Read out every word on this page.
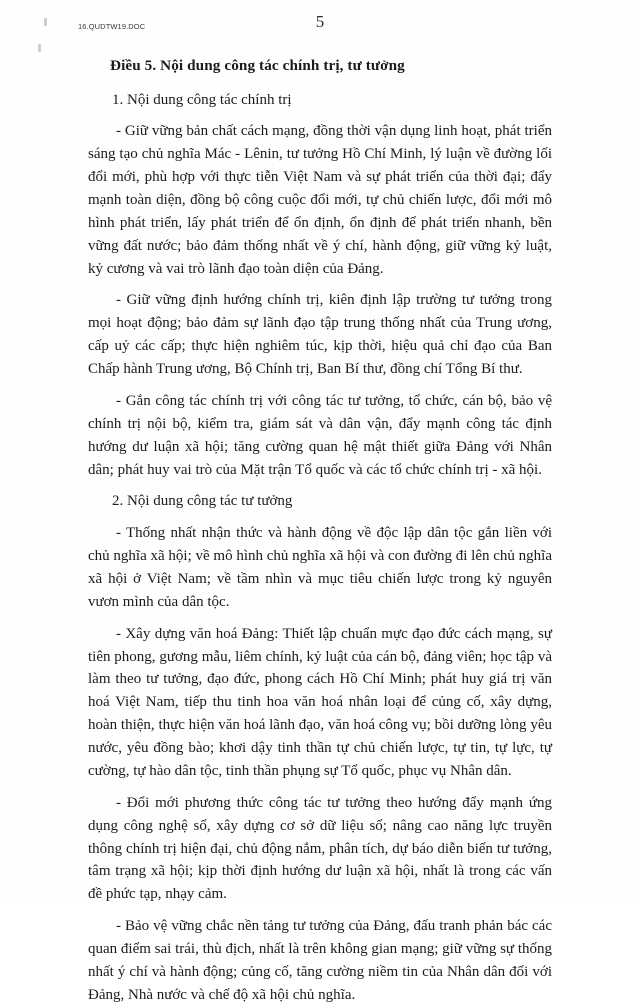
16.QUDTW19.DOC	5
Điều 5. Nội dung công tác chính trị, tư tưởng

1. Nội dung công tác chính trị

- Giữ vững bản chất cách mạng, đồng thời vận dụng linh hoạt, phát triển sáng tạo chủ nghĩa Mác - Lênin, tư tưởng Hồ Chí Minh, lý luận về đường lối đổi mới, phù hợp với thực tiễn Việt Nam và sự phát triển của thời đại; đẩy mạnh toàn diện, đồng bộ công cuộc đổi mới, tự chủ chiến lược, đổi mới mô hình phát triển, lấy phát triển để ổn định, ổn định để phát triển nhanh, bền vững đất nước; bảo đảm thống nhất về ý chí, hành động, giữ vững kỷ luật, kỷ cương và vai trò lãnh đạo toàn diện của Đảng.

- Giữ vững định hướng chính trị, kiên định lập trường tư tưởng trong mọi hoạt động; bảo đảm sự lãnh đạo tập trung thống nhất của Trung ương, cấp uỷ các cấp; thực hiện nghiêm túc, kịp thời, hiệu quả chỉ đạo của Ban Chấp hành Trung ương, Bộ Chính trị, Ban Bí thư, đồng chí Tổng Bí thư.

- Gắn công tác chính trị với công tác tư tưởng, tổ chức, cán bộ, bảo vệ chính trị nội bộ, kiểm tra, giám sát và dân vận, đẩy mạnh công tác định hướng dư luận xã hội; tăng cường quan hệ mật thiết giữa Đảng với Nhân dân; phát huy vai trò của Mặt trận Tổ quốc và các tổ chức chính trị - xã hội.

2. Nội dung công tác tư tưởng

- Thống nhất nhận thức và hành động về độc lập dân tộc gắn liền với chủ nghĩa xã hội; về mô hình chủ nghĩa xã hội và con đường đi lên chủ nghĩa xã hội ở Việt Nam; về tầm nhìn và mục tiêu chiến lược trong kỷ nguyên vươn mình của dân tộc.

- Xây dựng văn hoá Đảng: Thiết lập chuẩn mực đạo đức cách mạng, sự tiên phong, gương mẫu, liêm chính, kỷ luật của cán bộ, đảng viên; học tập và làm theo tư tưởng, đạo đức, phong cách Hồ Chí Minh; phát huy giá trị văn hoá Việt Nam, tiếp thu tinh hoa văn hoá nhân loại để củng cố, xây dựng, hoàn thiện, thực hiện văn hoá lãnh đạo, văn hoá công vụ; bồi dưỡng lòng yêu nước, yêu đồng bào; khơi dậy tinh thần tự chủ chiến lược, tự tin, tự lực, tự cường, tự hào dân tộc, tinh thần phụng sự Tổ quốc, phục vụ Nhân dân.

- Đổi mới phương thức công tác tư tưởng theo hướng đẩy mạnh ứng dụng công nghệ số, xây dựng cơ sở dữ liệu số; nâng cao năng lực truyền thông chính trị hiện đại, chủ động nắm, phân tích, dự báo diễn biến tư tưởng, tâm trạng xã hội; kịp thời định hướng dư luận xã hội, nhất là trong các vấn đề phức tạp, nhạy cảm.

- Bảo vệ vững chắc nền tảng tư tưởng của Đảng, đấu tranh phản bác các quan điểm sai trái, thù địch, nhất là trên không gian mạng; giữ vững sự thống nhất ý chí và hành động; củng cố, tăng cường niềm tin của Nhân dân đối với Đảng, Nhà nước và chế độ xã hội chủ nghĩa.
